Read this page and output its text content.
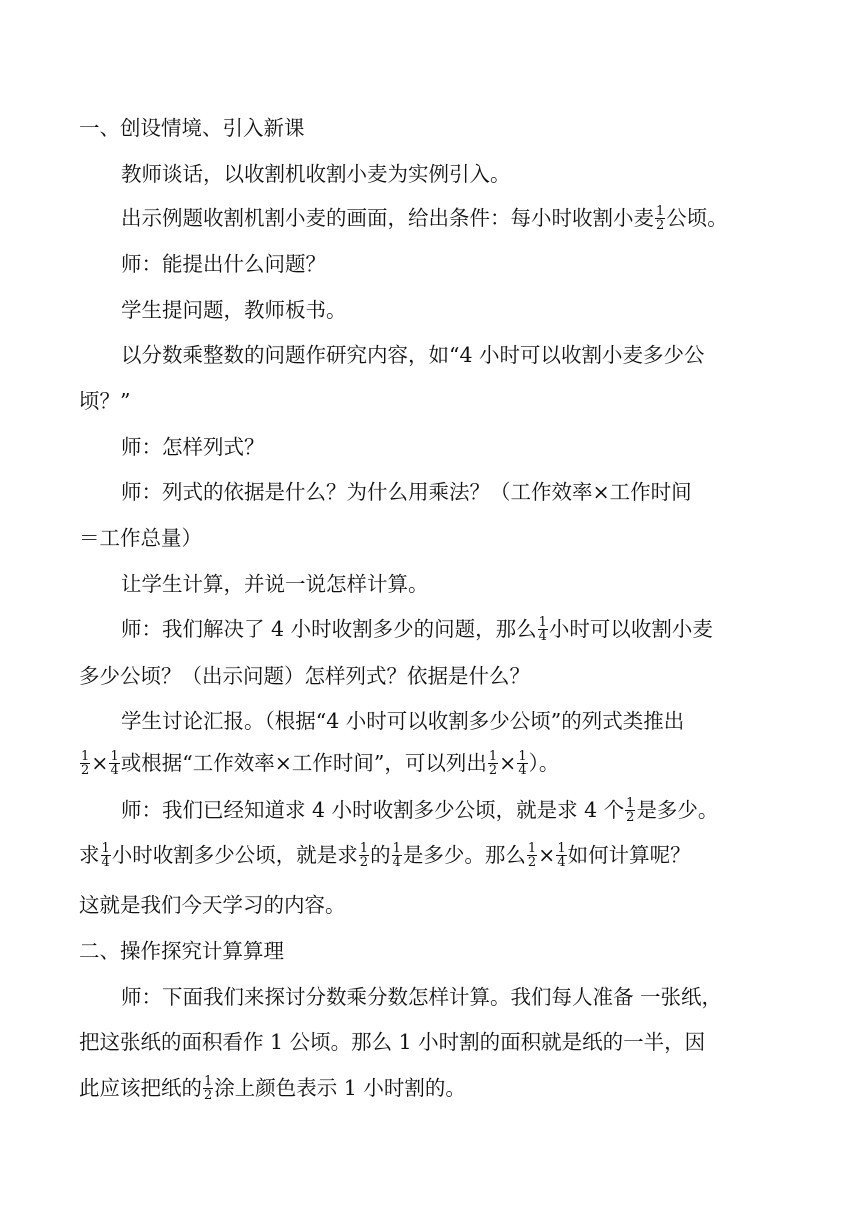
一、创设情境、引入新课
教师谈话，以收割机收割小麦为实例引入。
出示例题收割机割小麦的画面，给出条件：每小时收割小麦 $\frac{1}{2}$ 公顷。
师：能提出什么问题？
学生提问题，教师板书。
以分数乘整数的问题作研究内容，如“4 小时可以收割小麦多少公
顷？”
师：怎样列式？
师：列式的依据是什么？为什么用乘法？（工作效率×工作时间
＝工作总量）
让学生计算，并说一说怎样计算。
师：我们解决了 4 小时收割多少的问题，那么 $\frac{1}{4}$ 小时可以收割小麦
多少公顷？（出示问题）怎样列式？依据是什么？
学生讨论汇报。（根据“4 小时可以收割多少公顷”的列式类推出
$\frac{1}{2} \times \frac{1}{4}$ 或根据“工作效率×工作时间”，可以列出 $\frac{1}{2} \times \frac{1}{4}$ ）。
师：我们已经知道求 4 小时收割多少公顷，就是求 4 个 $\frac{1}{2}$ 是多少。
求 $\frac{1}{4}$ 小时收割多少公顷，就是求 $\frac{1}{2}$ 的 $\frac{1}{4}$ 是多少。那么 $\frac{1}{2} \times \frac{1}{4}$ 如何计算呢？
这就是我们今天学习的内容。
二、操作探究计算算理
师：下面我们来探讨分数乘分数怎样计算。我们每人准备 一张纸，
把这张纸的面积看作 1 公顷。那么 1 小时割的面积就是纸的一半，因
此应该把纸的 $\frac{1}{2}$ 涂上颜色表示 1 小时割的。
